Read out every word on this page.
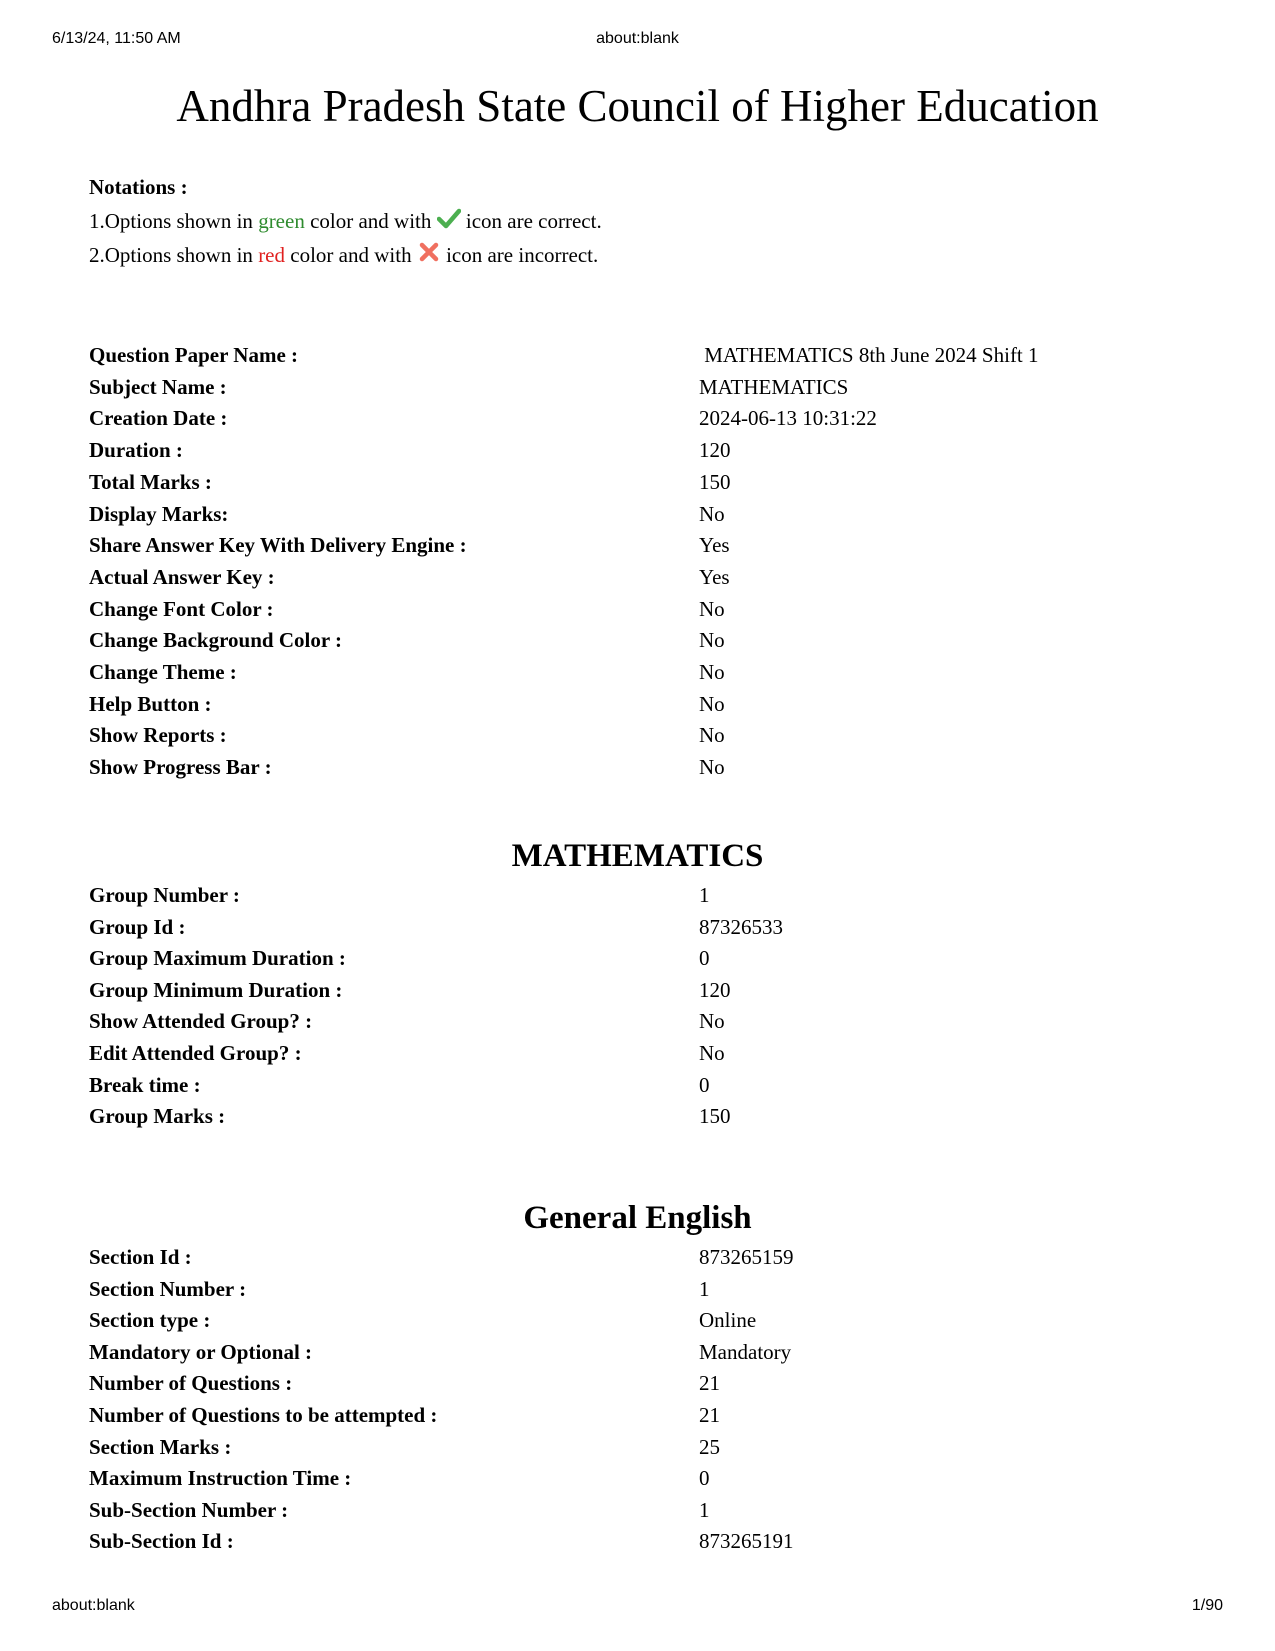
6/13/24, 11:50 AM	about:blank
Andhra Pradesh State Council of Higher Education
Notations :
1.Options shown in green color and with  icon are correct.
2.Options shown in red color and with  icon are incorrect.
Question Paper Name :	MATHEMATICS 8th June 2024 Shift 1
Subject Name :	MATHEMATICS
Creation Date :	2024-06-13 10:31:22
Duration :	120
Total Marks :	150
Display Marks:	No
Share Answer Key With Delivery Engine :	Yes
Actual Answer Key :	Yes
Change Font Color :	No
Change Background Color :	No
Change Theme :	No
Help Button :	No
Show Reports :	No
Show Progress Bar :	No
MATHEMATICS
Group Number :	1
Group Id :	87326533
Group Maximum Duration :	0
Group Minimum Duration :	120
Show Attended Group? :	No
Edit Attended Group? :	No
Break time :	0
Group Marks :	150
General English
Section Id :	873265159
Section Number :	1
Section type :	Online
Mandatory or Optional :	Mandatory
Number of Questions :	21
Number of Questions to be attempted :	21
Section Marks :	25
Maximum Instruction Time :	0
Sub-Section Number :	1
Sub-Section Id :	873265191
about:blank	1/90
